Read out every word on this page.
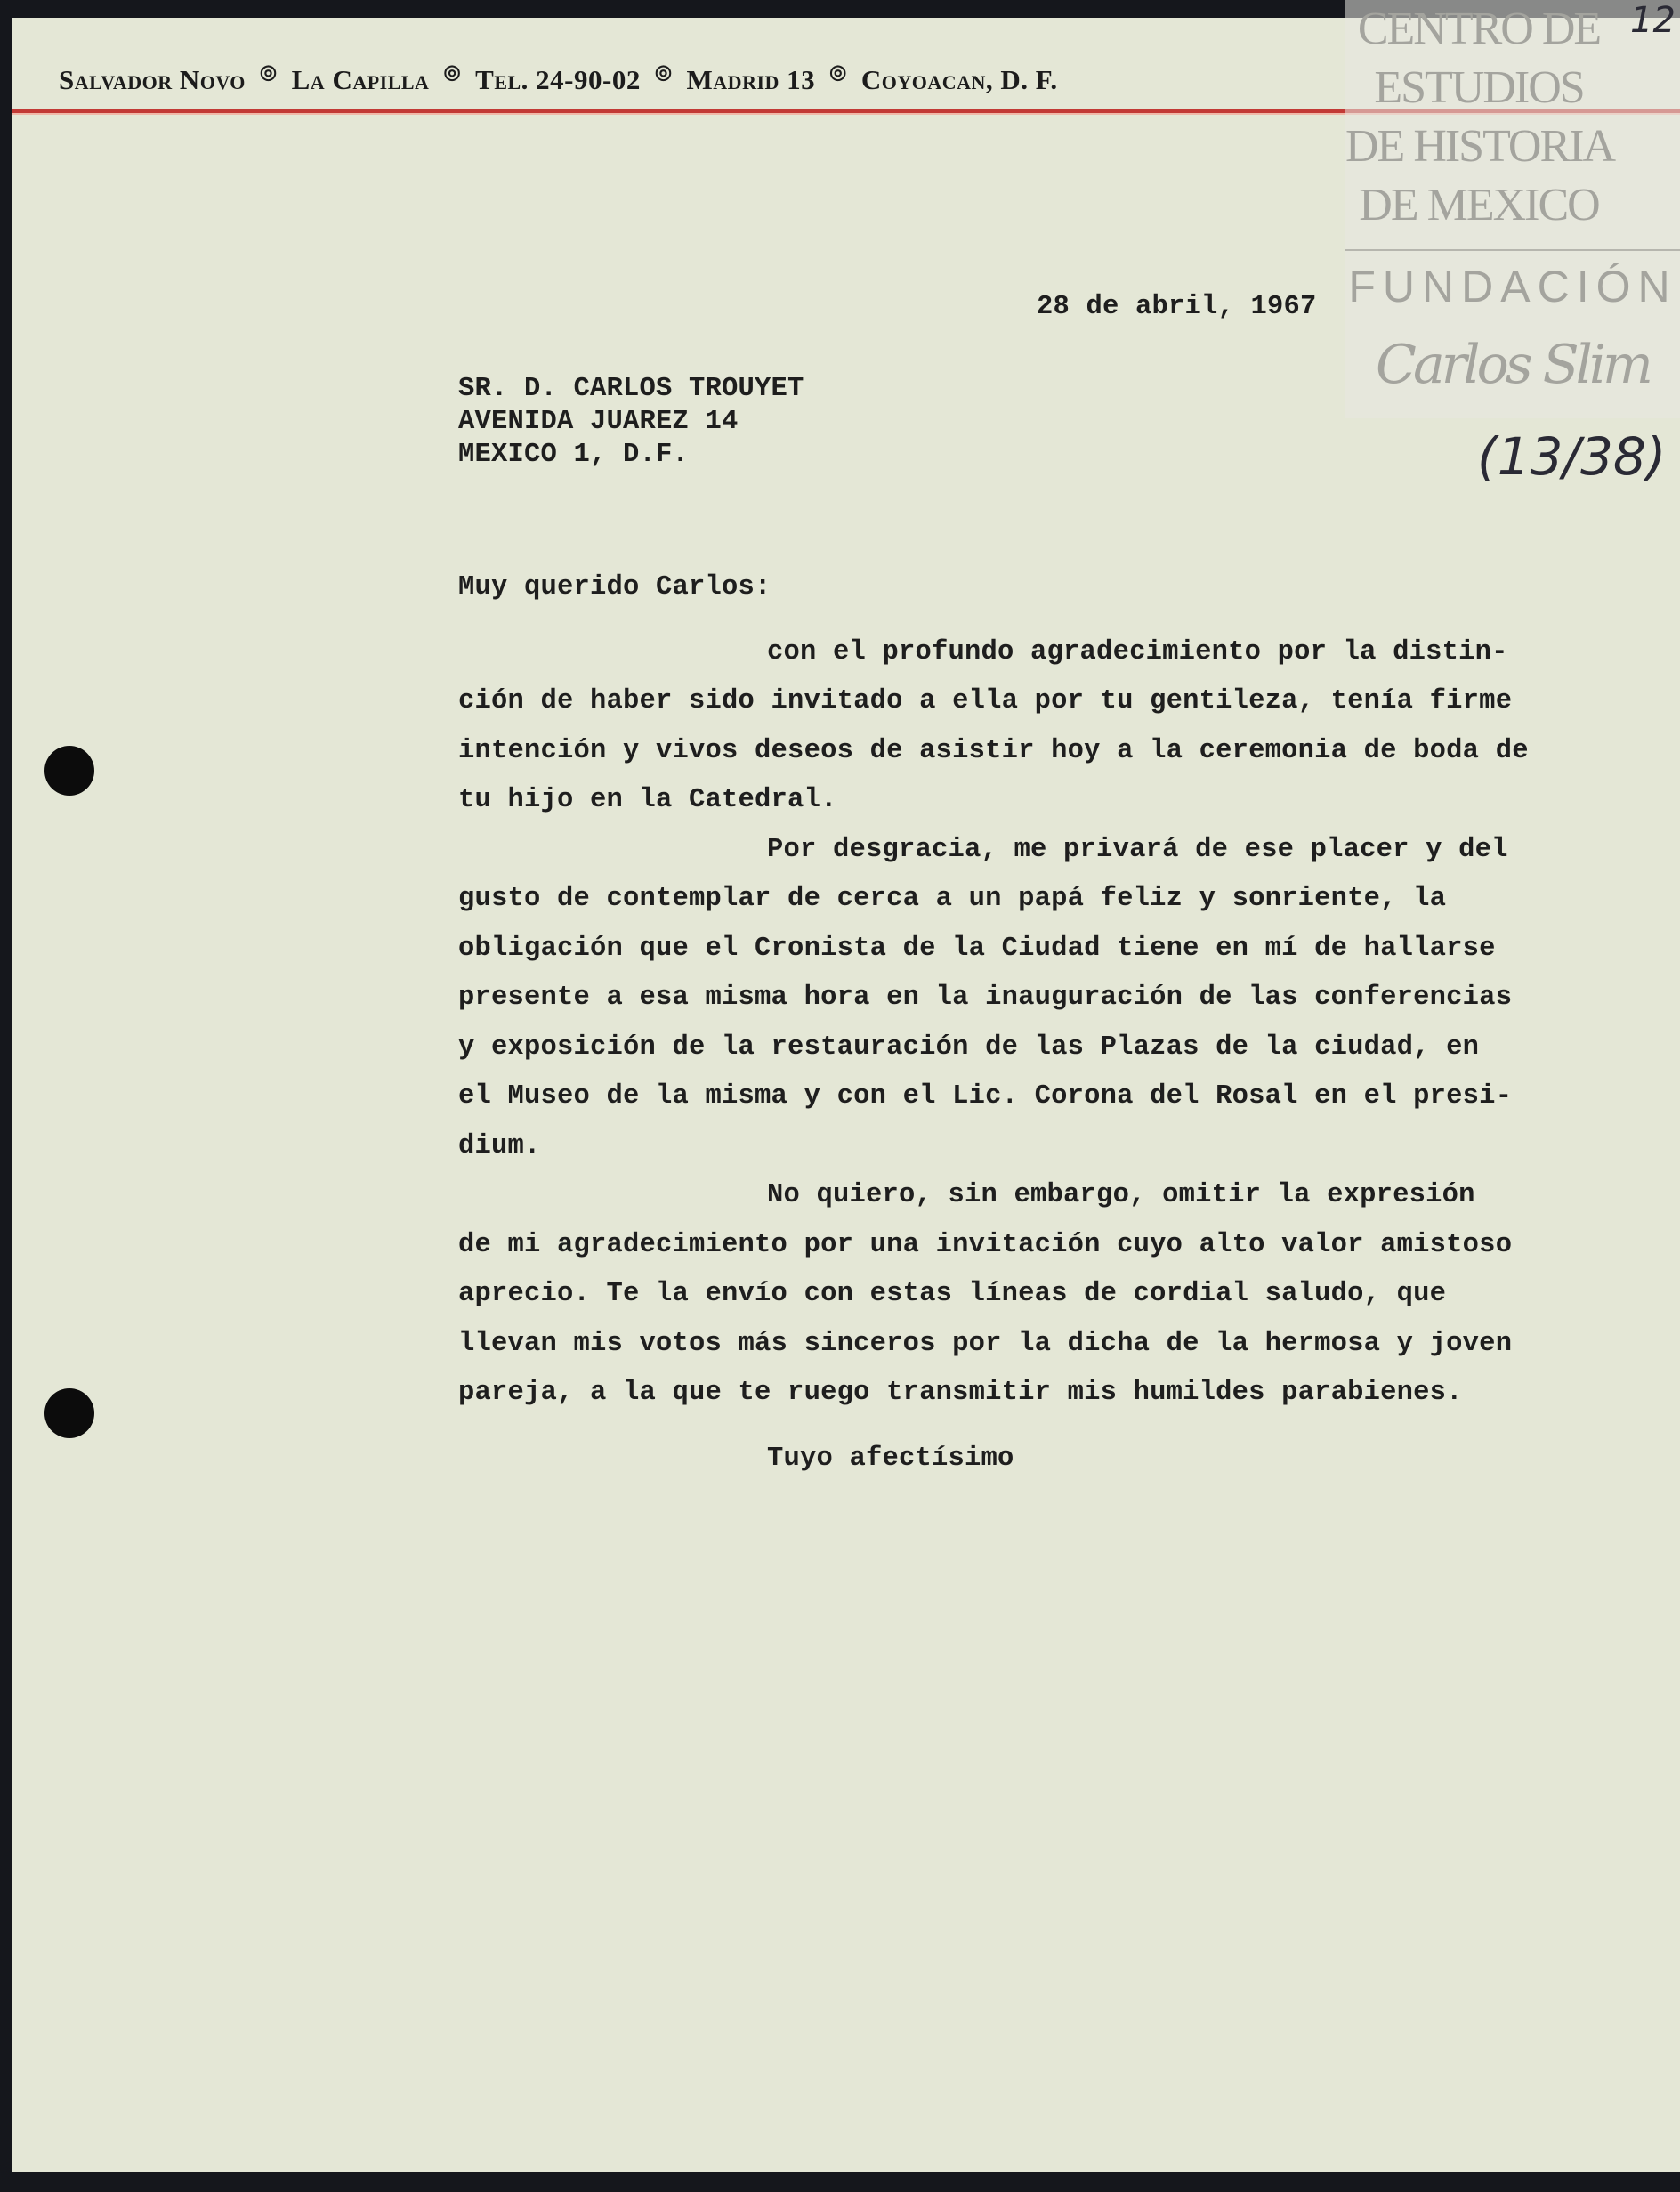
Salvador Novo ◎ La Capilla ◎ Tel. 24-90-02 ◎ Madrid 13 ◎ Coyoacan, D. F.
CENTRO DE
ESTUDIOS
DE HISTORIA
DE MEXICO
FUNDACIÓN
Carlos Slim
12
(13/38)
28 de abril, 1967
SR. D. CARLOS TROUYET
AVENIDA JUAREZ 14
MEXICO 1, D.F.
Muy querido Carlos:
con el profundo agradecimiento por la distin-
ción de haber sido invitado a ella por tu gentileza, tenía firme
intención y vivos deseos de asistir hoy a la ceremonia de boda de
tu hijo en la Catedral.
Por desgracia, me privará de ese placer y del
gusto de contemplar de cerca a un papá feliz y sonriente, la
obligación que el Cronista de la Ciudad tiene en mí de hallarse
presente a esa misma hora en la inauguración de las conferencias
y exposición de la restauración de las Plazas de la ciudad, en
el Museo de la misma y con el Lic. Corona del Rosal en el presi-
dium.
No quiero, sin embargo, omitir la expresión
de mi agradecimiento por una invitación cuyo alto valor amistoso
aprecio. Te la envío con estas líneas de cordial saludo, que
llevan mis votos más sinceros por la dicha de la hermosa y joven
pareja, a la que te ruego transmitir mis humildes parabienes.
Tuyo afectísimo
